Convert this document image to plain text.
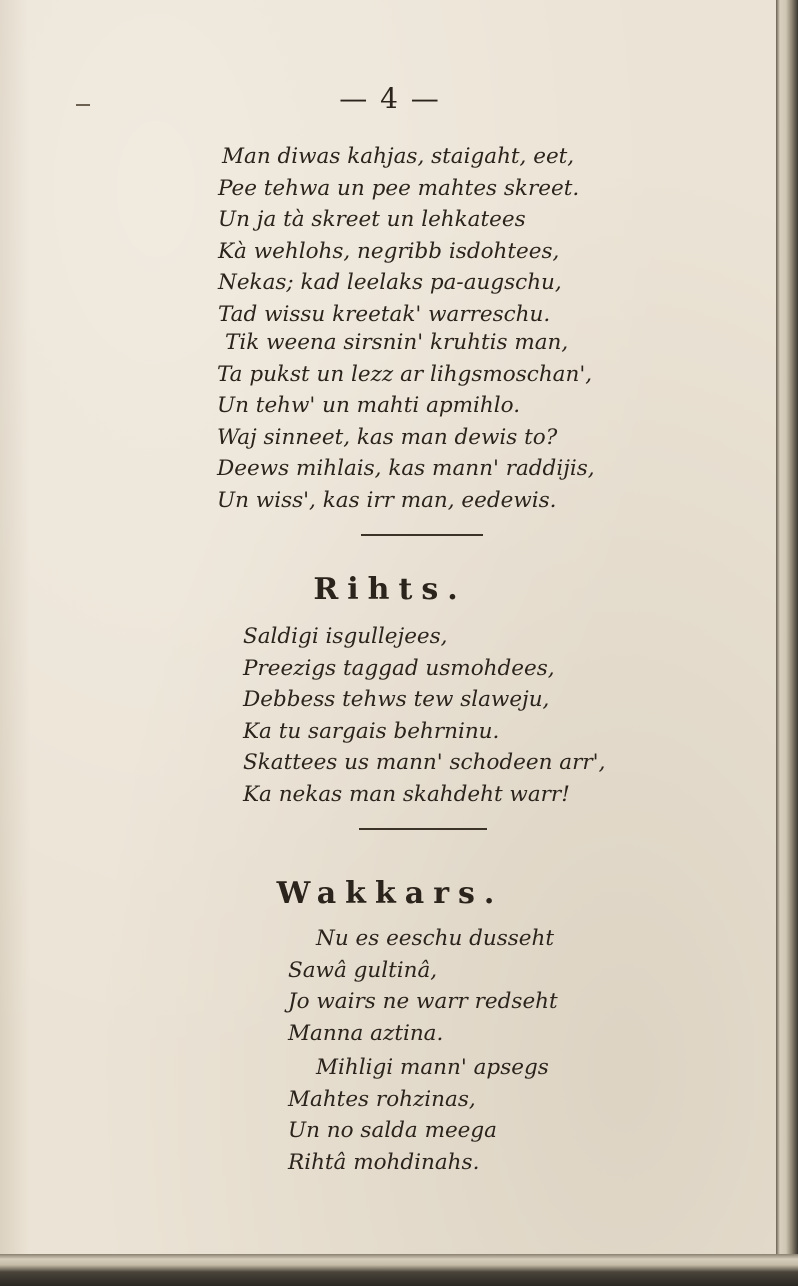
— 4 —
Man diwas kahjas, staigaht, eet,
Pee tehwa un pee mahtes skreet.
Un ja tà skreet un lehkatees
Kà wehlohs, negribb isdohtees,
Nekas; kad leelaks pa-augschu,
Tad wissu kreetak' warreschu.
Tik weena sirsnin' kruhtis man,
Ta pukst un lezz ar lihgsmoschan',
Un tehw' un mahti apmihlo.
Waj sinneet, kas man dewis to?
Deews mihlais, kas mann' raddijis,
Un wiss', kas irr man, eedewis.
Rihts.
Saldigi isgullejees,
Preezigs taggad usmohdees,
Debbess tehws tew slaweju,
Ka tu sargais behrninu.
Skattees us mann' schodeen arr',
Ka nekas man skahdeht warr!
Wakkars.
Nu es eeschu dusseht
Sawâ gultinâ,
Jo wairs ne warr redseht
Manna aztina.
Mihligi mann' apsegs
Mahtes rohzinas,
Un no salda meega
Rihtâ mohdinahs.
